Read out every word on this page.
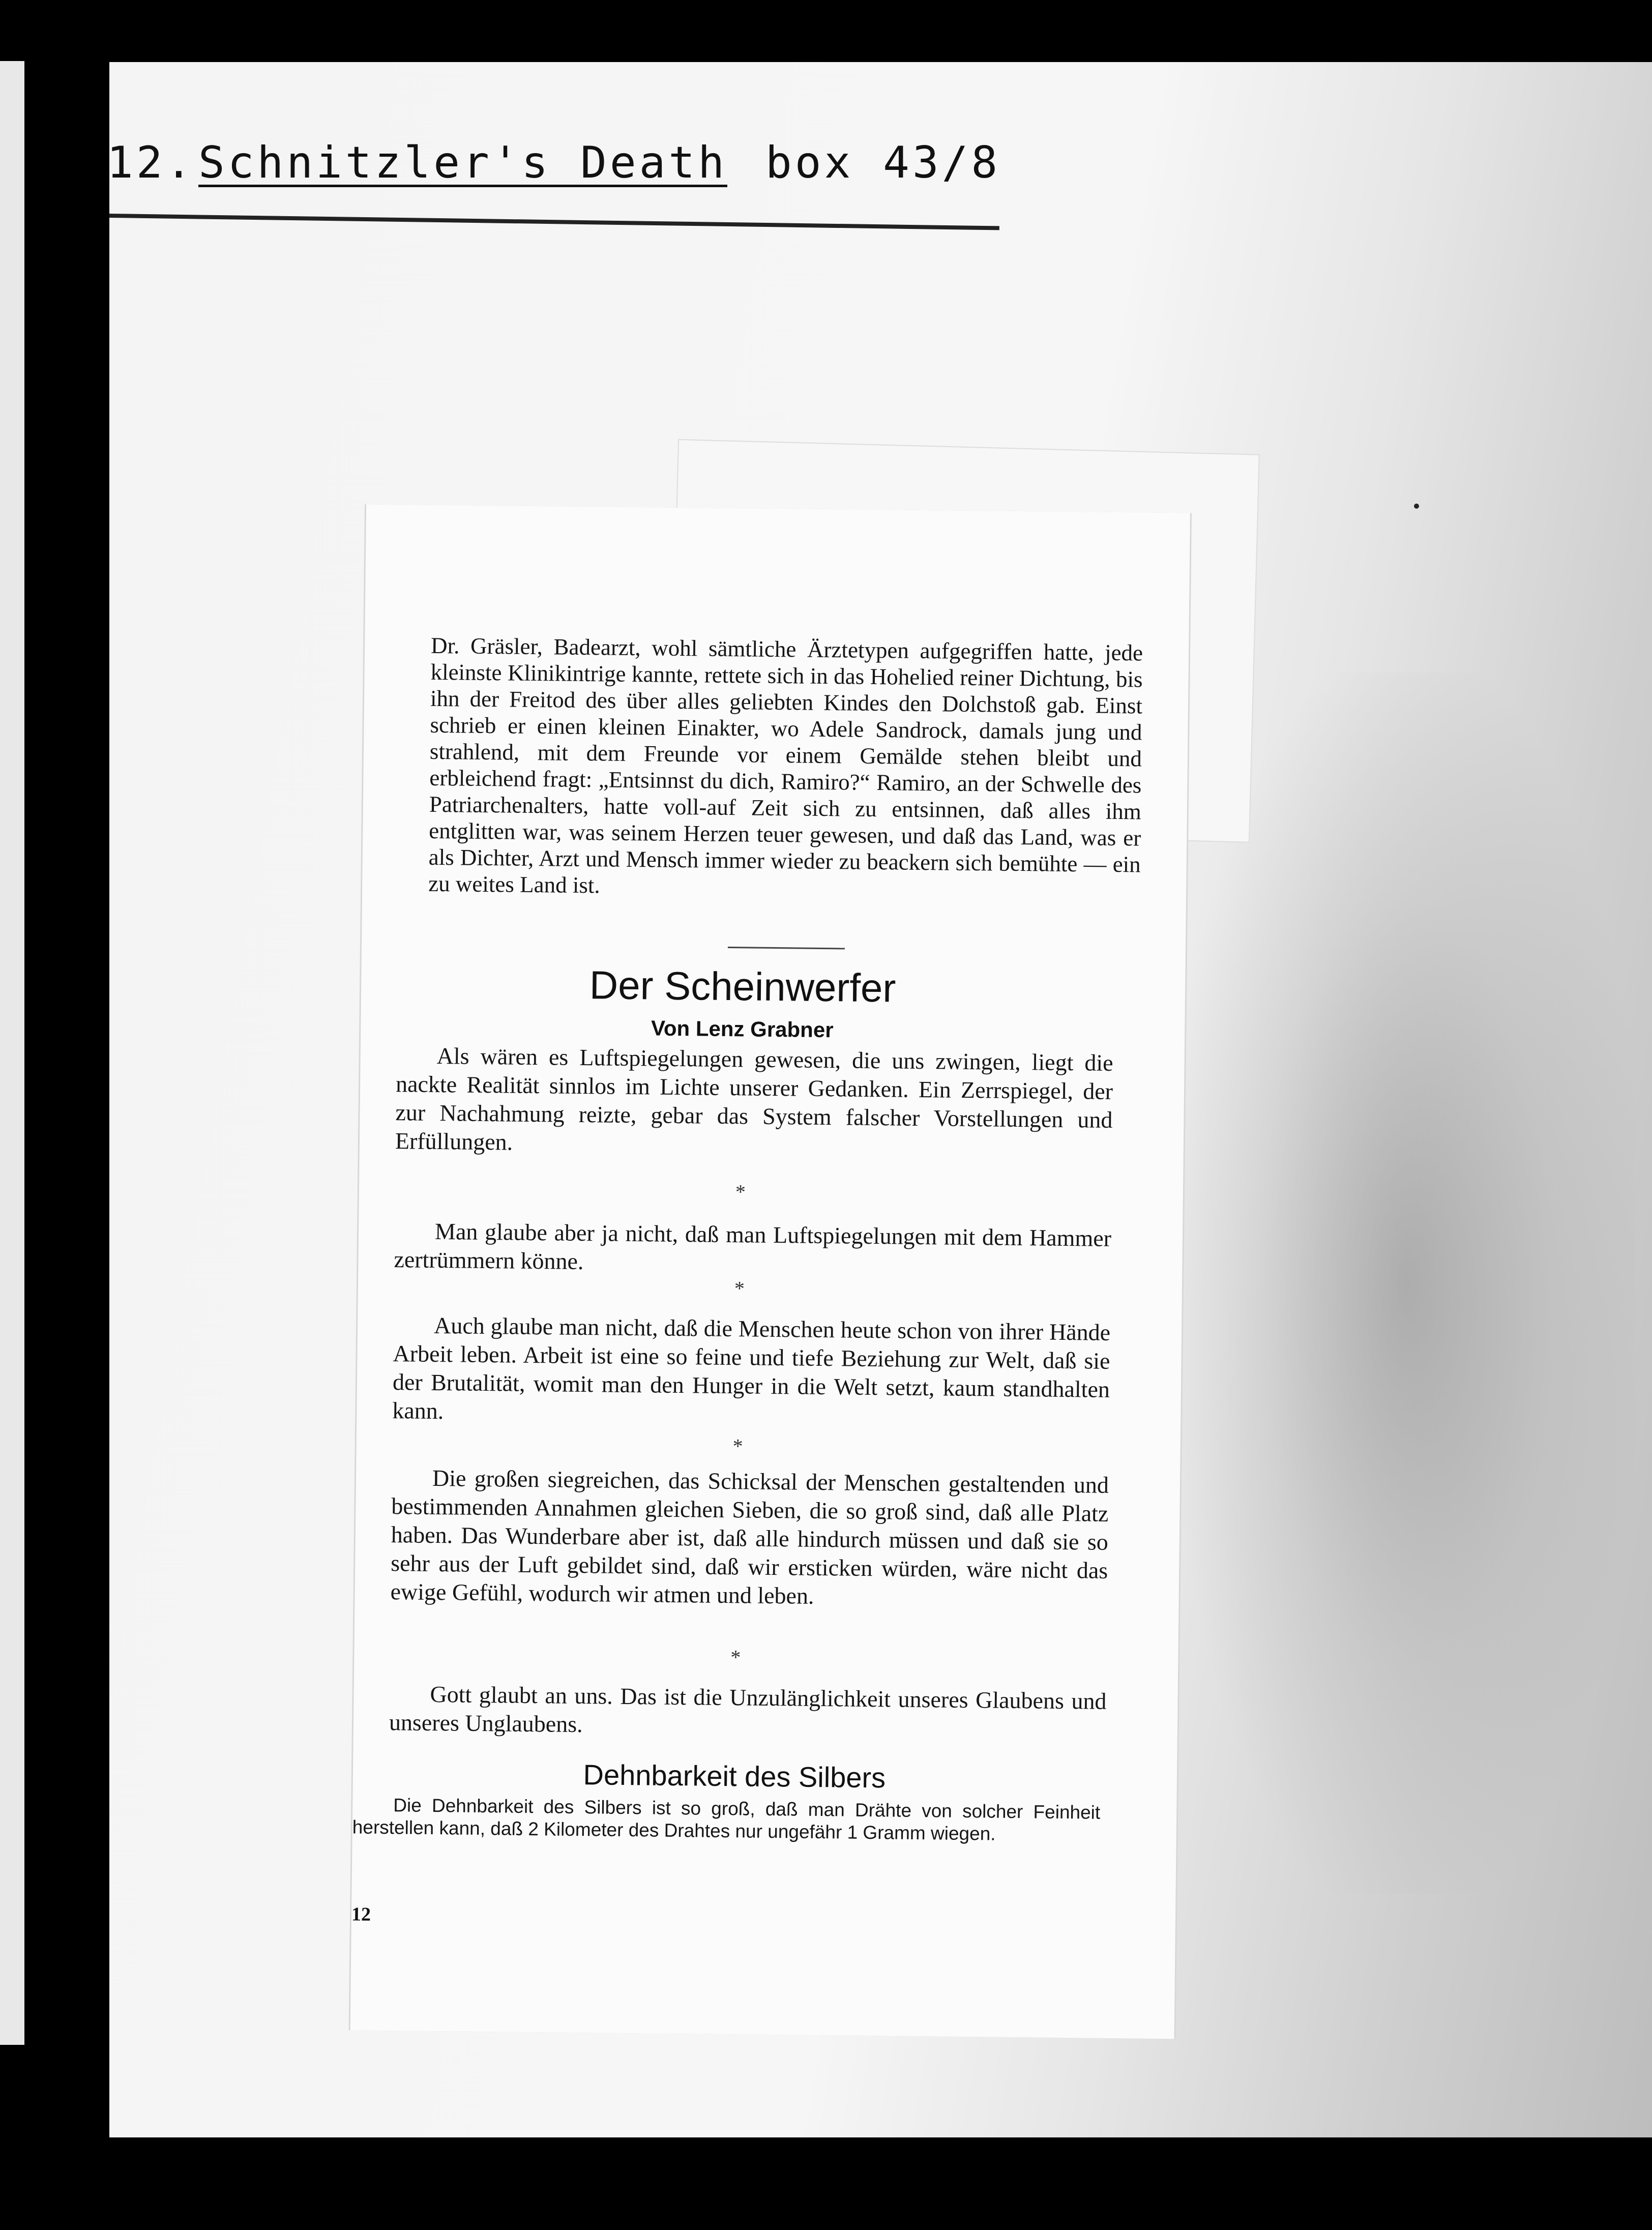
12. Schnitzler's Death box 43/8
Dr. Gräsler, Badearzt, wohl sämtliche Ärztetypen aufgegriffen hatte, jede kleinste Klinikintrige kannte, rettete sich in das Hohelied reiner Dichtung, bis ihn der Freitod des über alles geliebten Kindes den Dolchstoß gab. Einst schrieb er einen kleinen Einakter, wo Adele Sandrock, damals jung und strahlend, mit dem Freunde vor einem Gemälde stehen bleibt und erbleichend fragt: „Entsinnst du dich, Ramiro?“ Ramiro, an der Schwelle des Patriarchenalters, hatte voll-auf Zeit sich zu entsinnen, daß alles ihm entglitten war, was seinem Herzen teuer gewesen, und daß das Land, was er als Dichter, Arzt und Mensch immer wieder zu beackern sich bemühte — ein zu weites Land ist.
Der Scheinwerfer
Von Lenz Grabner
Als wären es Luftspiegelungen gewesen, die uns zwingen, liegt die nackte Realität sinnlos im Lichte unserer Gedanken. Ein Zerrspiegel, der zur Nachahmung reizte, gebar das System falscher Vorstellungen und Erfüllungen.
*
Man glaube aber ja nicht, daß man Luftspiegelungen mit dem Hammer zertrümmern könne.
*
Auch glaube man nicht, daß die Menschen heute schon von ihrer Hände Arbeit leben. Arbeit ist eine so feine und tiefe Beziehung zur Welt, daß sie der Brutalität, womit man den Hunger in die Welt setzt, kaum standhalten kann.
*
Die großen siegreichen, das Schicksal der Menschen gestaltenden und bestimmenden Annahmen gleichen Sieben, die so groß sind, daß alle Platz haben. Das Wunderbare aber ist, daß alle hindurch müssen und daß sie so sehr aus der Luft gebildet sind, daß wir ersticken würden, wäre nicht das ewige Gefühl, wodurch wir atmen und leben.
*
Gott glaubt an uns. Das ist die Unzulänglichkeit unseres Glaubens und unseres Unglaubens.
Dehnbarkeit des Silbers
Die Dehnbarkeit des Silbers ist so groß, daß man Drähte von solcher Feinheit herstellen kann, daß 2 Kilometer des Drahtes nur ungefähr 1 Gramm wiegen.
12
